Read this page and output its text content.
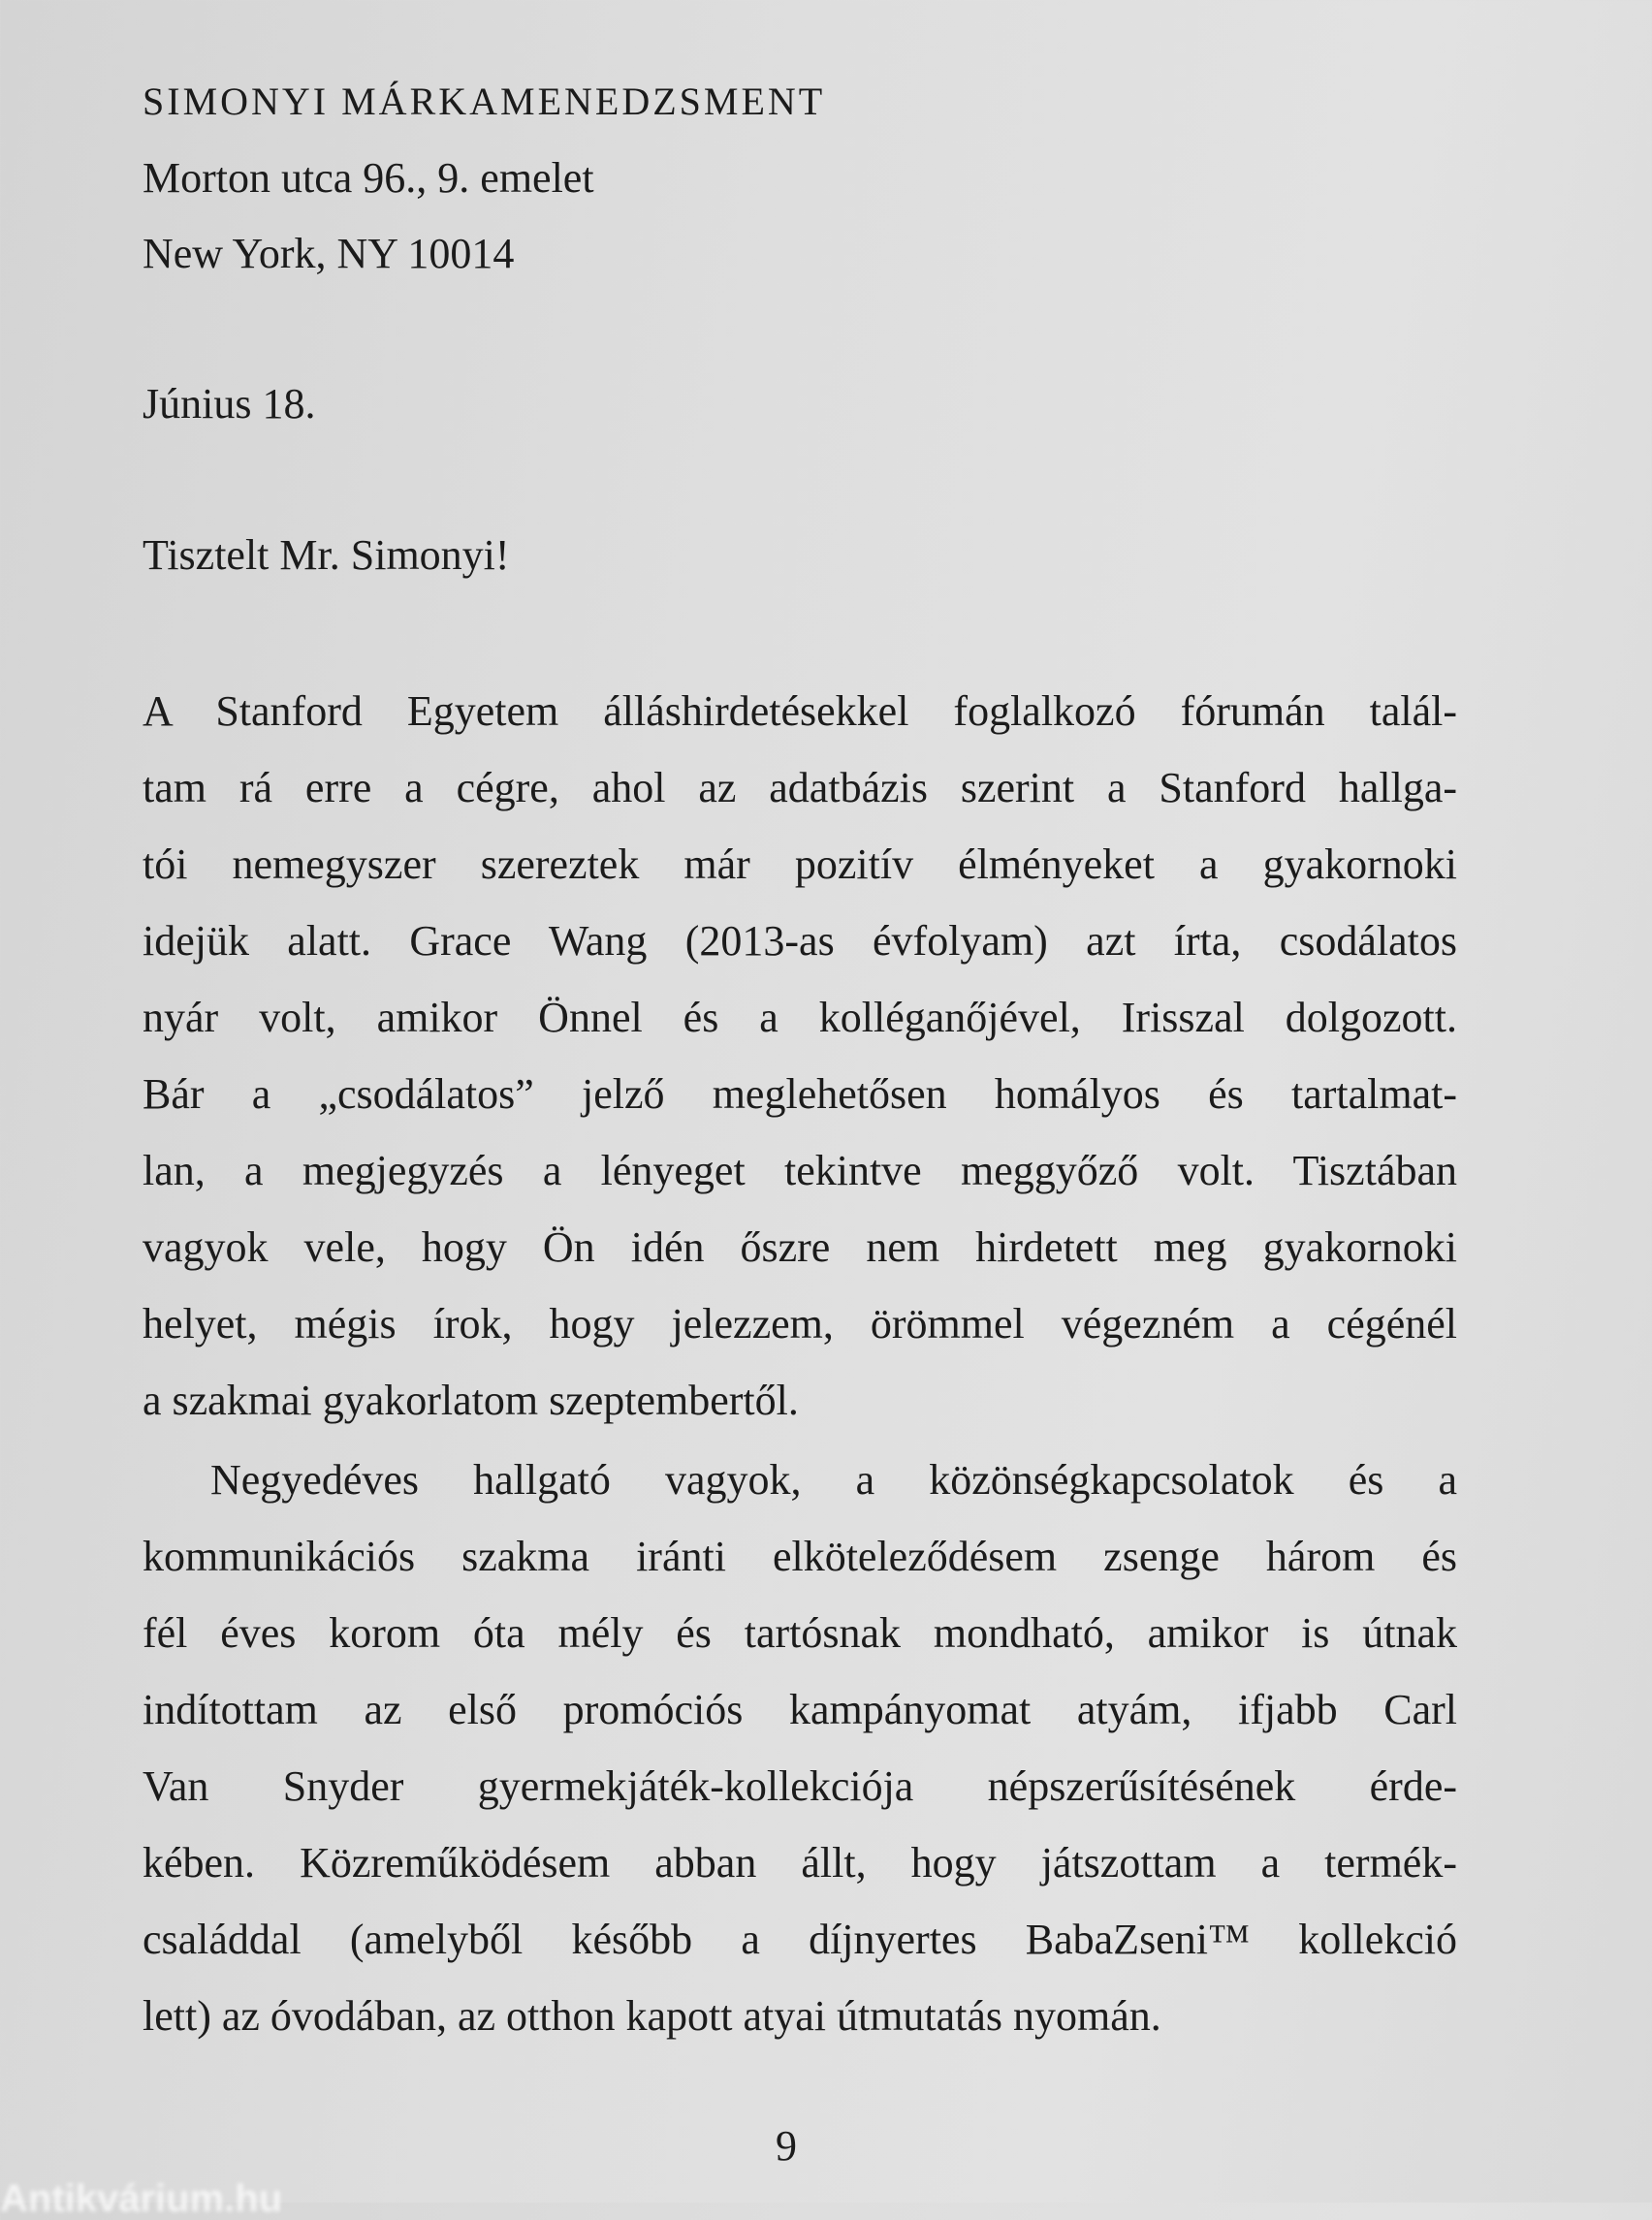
SIMONYI MÁRKAMENEDZSMENT
Morton utca 96., 9. emelet
New York, NY 10014
Június 18.
Tisztelt Mr. Simonyi!
A Stanford Egyetem álláshirdetésekkel foglalkozó fórumán talál-
tam rá erre a cégre, ahol az adatbázis szerint a Stanford hallga-
tói nemegyszer szereztek már pozitív élményeket a gyakornoki
idejük alatt. Grace Wang (2013-as évfolyam) azt írta, csodálatos
nyár volt, amikor Önnel és a kolléganőjével, Irisszal dolgozott.
Bár a „csodálatos” jelző meglehetősen homályos és tartalmat-
lan, a megjegyzés a lényeget tekintve meggyőző volt. Tisztában
vagyok vele, hogy Ön idén őszre nem hirdetett meg gyakornoki
helyet, mégis írok, hogy jelezzem, örömmel végezném a cégénél
a szakmai gyakorlatom szeptembertől.
Negyedéves hallgató vagyok, a közönségkapcsolatok és a
kommunikációs szakma iránti elköteleződésem zsenge három és
fél éves korom óta mély és tartósnak mondható, amikor is útnak
indítottam az első promóciós kampányomat atyám, ifjabb Carl
Van Snyder gyermekjáték-kollekciója népszerűsítésének érde-
kében. Közreműködésem abban állt, hogy játszottam a termék-
családdal (amelyből később a díjnyertes BabaZseni™ kollekció
lett) az óvodában, az otthon kapott atyai útmutatás nyomán.
9
Antikvárium.hu
